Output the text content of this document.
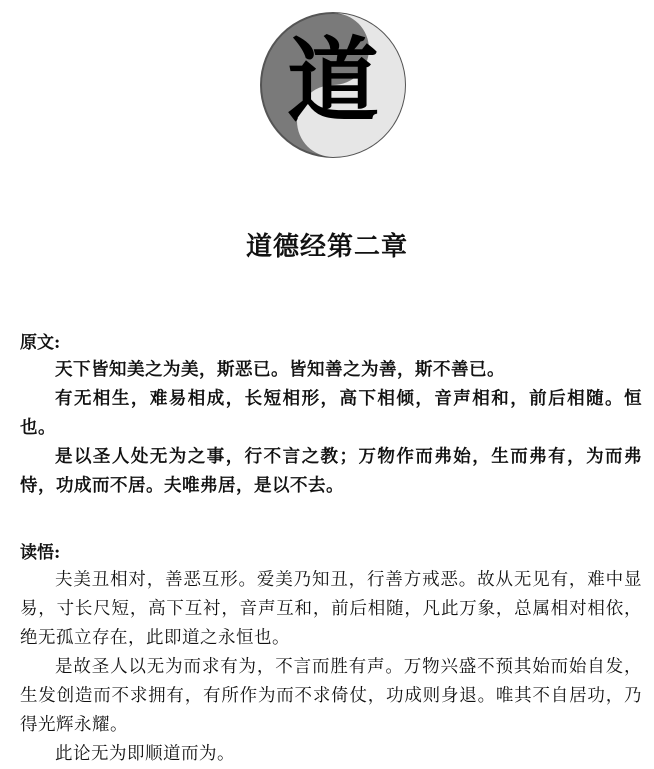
道
道德经第二章

原文:

天下皆知美之为美，斯恶已。皆知善之为善，斯不善已。

有无相生，难易相成，长短相形，高下相倾，音声相和，前后相随。恒也。

是以圣人处无为之事，行不言之教；万物作而弗始，生而弗有，为而弗恃，功成而不居。夫唯弗居，是以不去。

读悟:

夫美丑相对，善恶互形。爱美乃知丑，行善方戒恶。故从无见有，难中显易，寸长尺短，高下互衬，音声互和，前后相随，凡此万象，总属相对相依，绝无孤立存在，此即道之永恒也。

是故圣人以无为而求有为，不言而胜有声。万物兴盛不预其始而始自发，生发创造而不求拥有，有所作为而不求倚仗，功成则身退。唯其不自居功，乃得光辉永耀。

此论无为即顺道而为。
